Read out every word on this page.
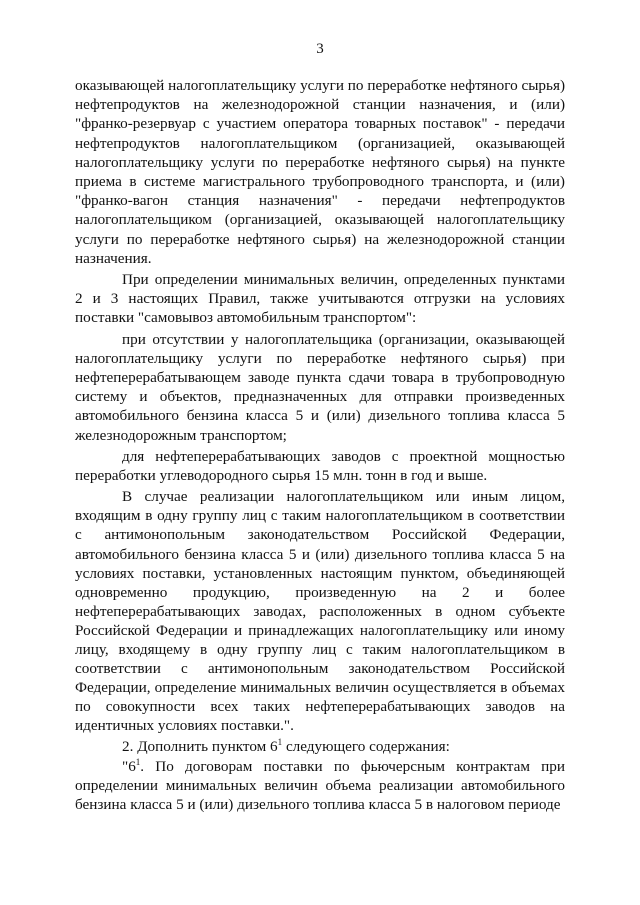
3

оказывающей налогоплательщику услуги по переработке нефтяного сырья) нефтепродуктов на железнодорожной станции назначения, и (или) "франко-резервуар с участием оператора товарных поставок" - передачи нефтепродуктов налогоплательщиком (организацией, оказывающей налогоплательщику услуги по переработке нефтяного сырья) на пункте приема в системе магистрального трубопроводного транспорта, и (или) "франко-вагон станция назначения" - передачи нефтепродуктов налогоплательщиком (организацией, оказывающей налогоплательщику услуги по переработке нефтяного сырья) на железнодорожной станции назначения.

При определении минимальных величин, определенных пунктами 2 и 3 настоящих Правил, также учитываются отгрузки на условиях поставки "самовывоз автомобильным транспортом":

при отсутствии у налогоплательщика (организации, оказывающей налогоплательщику услуги по переработке нефтяного сырья) при нефтеперерабатывающем заводе пункта сдачи товара в трубопроводную систему и объектов, предназначенных для отправки произведенных автомобильного бензина класса 5 и (или) дизельного топлива класса 5 железнодорожным транспортом;

для нефтеперерабатывающих заводов с проектной мощностью переработки углеводородного сырья 15 млн. тонн в год и выше.

В случае реализации налогоплательщиком или иным лицом, входящим в одну группу лиц с таким налогоплательщиком в соответствии с антимонопольным законодательством Российской Федерации, автомобильного бензина класса 5 и (или) дизельного топлива класса 5 на условиях поставки, установленных настоящим пунктом, объединяющей одновременно продукцию, произведенную на 2 и более нефтеперерабатывающих заводах, расположенных в одном субъекте Российской Федерации и принадлежащих налогоплательщику или иному лицу, входящему в одну группу лиц с таким налогоплательщиком в соответствии с антимонопольным законодательством Российской Федерации, определение минимальных величин осуществляется в объемах по совокупности всех таких нефтеперерабатывающих заводов на идентичных условиях поставки.".

2. Дополнить пунктом $6^1$ следующего содержания:

"$6^1$. По договорам поставки по фьючерсным контрактам при определении минимальных величин объема реализации автомобильного бензина класса 5 и (или) дизельного топлива класса 5 в налоговом периоде
